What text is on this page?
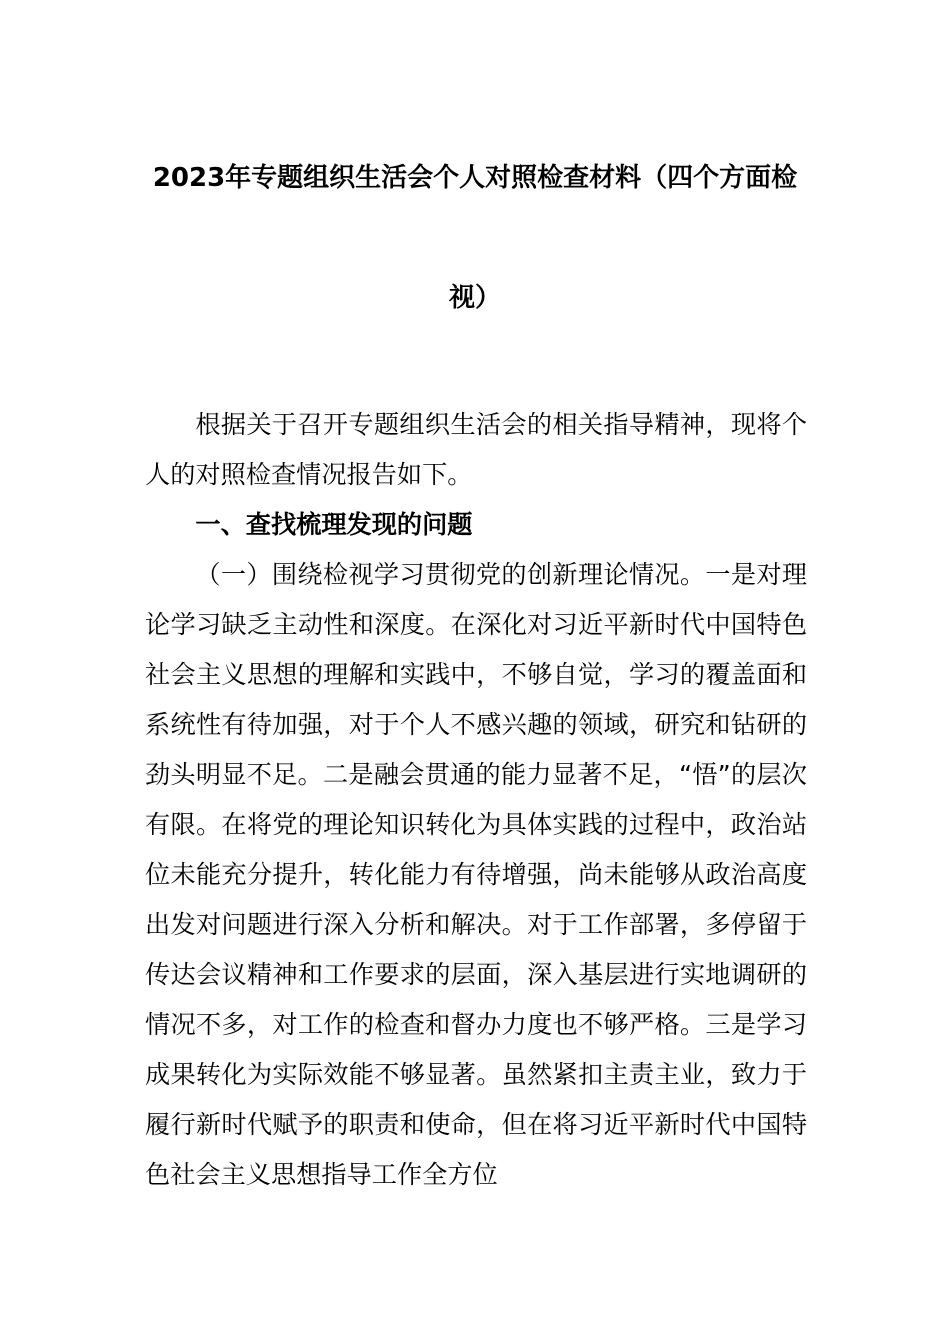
2023年专题组织生活会个人对照检查材料（四个方面检
视）

根据关于召开专题组织生活会的相关指导精神，现将个人的对照检查情况报告如下。

一、查找梳理发现的问题

（一）围绕检视学习贯彻党的创新理论情况。一是对理论学习缺乏主动性和深度。在深化对习近平新时代中国特色社会主义思想的理解和实践中，不够自觉，学习的覆盖面和系统性有待加强，对于个人不感兴趣的领域，研究和钻研的劲头明显不足。二是融会贯通的能力显著不足，“悟”的层次有限。在将党的理论知识转化为具体实践的过程中，政治站位未能充分提升，转化能力有待增强，尚未能够从政治高度出发对问题进行深入分析和解决。对于工作部署，多停留于传达会议精神和工作要求的层面，深入基层进行实地调研的情况不多，对工作的检查和督办力度也不够严格。三是学习成果转化为实际效能不够显著。虽然紧扣主责主业，致力于履行新时代赋予的职责和使命，但在将习近平新时代中国特色社会主义思想指导工作全方位
